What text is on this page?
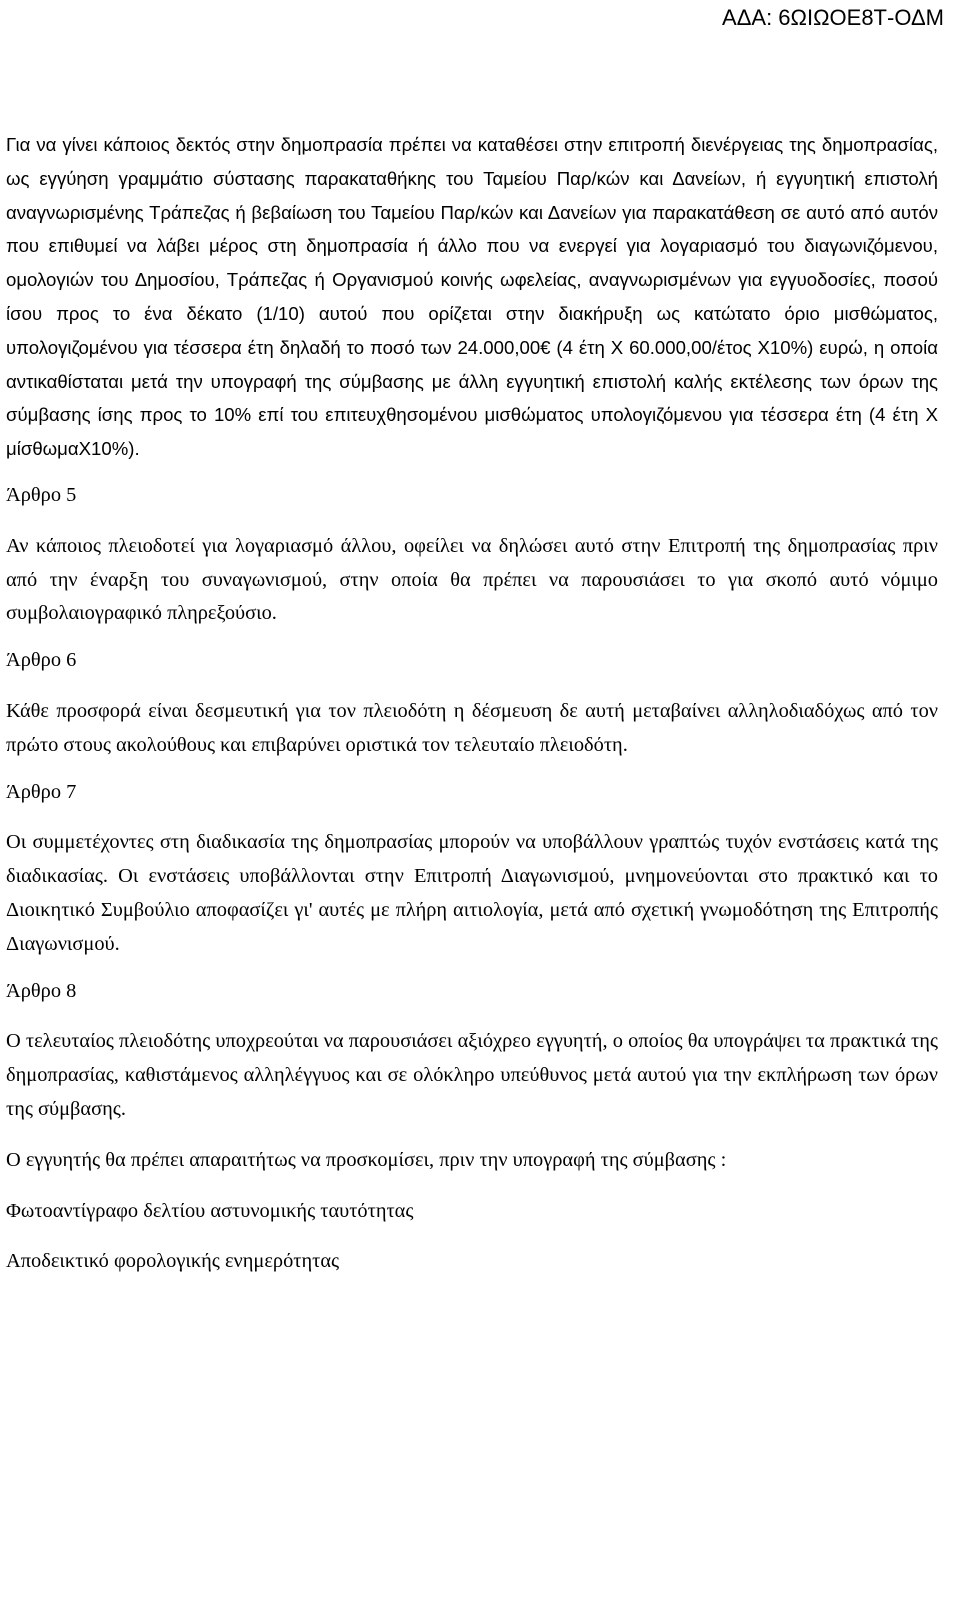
ΑΔΑ: 6ΩΙΩΟΕ8Τ-ΟΔΜ

Για να γίνει κάποιος δεκτός στην δημοπρασία πρέπει να καταθέσει στην επιτροπή διενέργειας της δημοπρασίας, ως εγγύηση γραμμάτιο σύστασης παρακαταθήκης του Ταμείου Παρ/κών και Δανείων, ή εγγυητική επιστολή αναγνωρισμένης Τράπεζας ή βεβαίωση του Ταμείου Παρ/κών και Δανείων για παρακατάθεση σε αυτό από αυτόν που επιθυμεί να λάβει μέρος στη δημοπρασία ή άλλο που να ενεργεί για λογαριασμό του διαγωνιζόμενου, ομολογιών του Δημοσίου, Τράπεζας ή Οργανισμού κοινής ωφελείας, αναγνωρισμένων για εγγυοδοσίες, ποσού ίσου προς το ένα δέκατο (1/10) αυτού που ορίζεται στην διακήρυξη ως κατώτατο όριο μισθώματος, υπολογιζομένου για τέσσερα έτη δηλαδή το ποσό των 24.000,00€ (4 έτη Χ 60.000,00/έτος Χ10%) ευρώ, η οποία αντικαθίσταται μετά την υπογραφή της σύμβασης με άλλη εγγυητική επιστολή καλής εκτέλεσης των όρων της σύμβασης ίσης προς το 10% επί του επιτευχθησομένου μισθώματος υπολογιζόμενου για τέσσερα έτη (4 έτη Χ μίσθωμαΧ10%).

Άρθρο 5

Αν κάποιος πλειοδοτεί για λογαριασμό άλλου, οφείλει να δηλώσει αυτό στην Επιτροπή της δημοπρασίας πριν από την έναρξη του συναγωνισμού, στην οποία θα πρέπει να παρουσιάσει το για σκοπό αυτό νόμιμο συμβολαιογραφικό πληρεξούσιο.

Άρθρο 6

Κάθε προσφορά είναι δεσμευτική για τον πλειοδότη η δέσμευση δε αυτή μεταβαίνει αλληλοδιαδόχως από τον πρώτο στους ακολούθους και επιβαρύνει οριστικά τον τελευταίο πλειοδότη.

Άρθρο 7

Οι συμμετέχοντες στη διαδικασία της δημοπρασίας μπορούν να υποβάλλουν γραπτώς τυχόν ενστάσεις κατά της διαδικασίας. Οι ενστάσεις υποβάλλονται στην Επιτροπή Διαγωνισμού, μνημονεύονται στο πρακτικό και το Διοικητικό Συμβούλιο αποφασίζει γι' αυτές με πλήρη αιτιολογία, μετά από σχετική γνωμοδότηση της Επιτροπής Διαγωνισμού.

Άρθρο 8

Ο τελευταίος πλειοδότης υποχρεούται να παρουσιάσει αξιόχρεο εγγυητή, ο οποίος θα υπογράψει τα πρακτικά της δημοπρασίας, καθιστάμενος αλληλέγγυος και σε ολόκληρο υπεύθυνος μετά αυτού για την εκπλήρωση των όρων της σύμβασης.

Ο εγγυητής θα πρέπει απαραιτήτως να προσκομίσει, πριν την υπογραφή της σύμβασης :

Φωτοαντίγραφο δελτίου αστυνομικής ταυτότητας

Αποδεικτικό φορολογικής ενημερότητας
